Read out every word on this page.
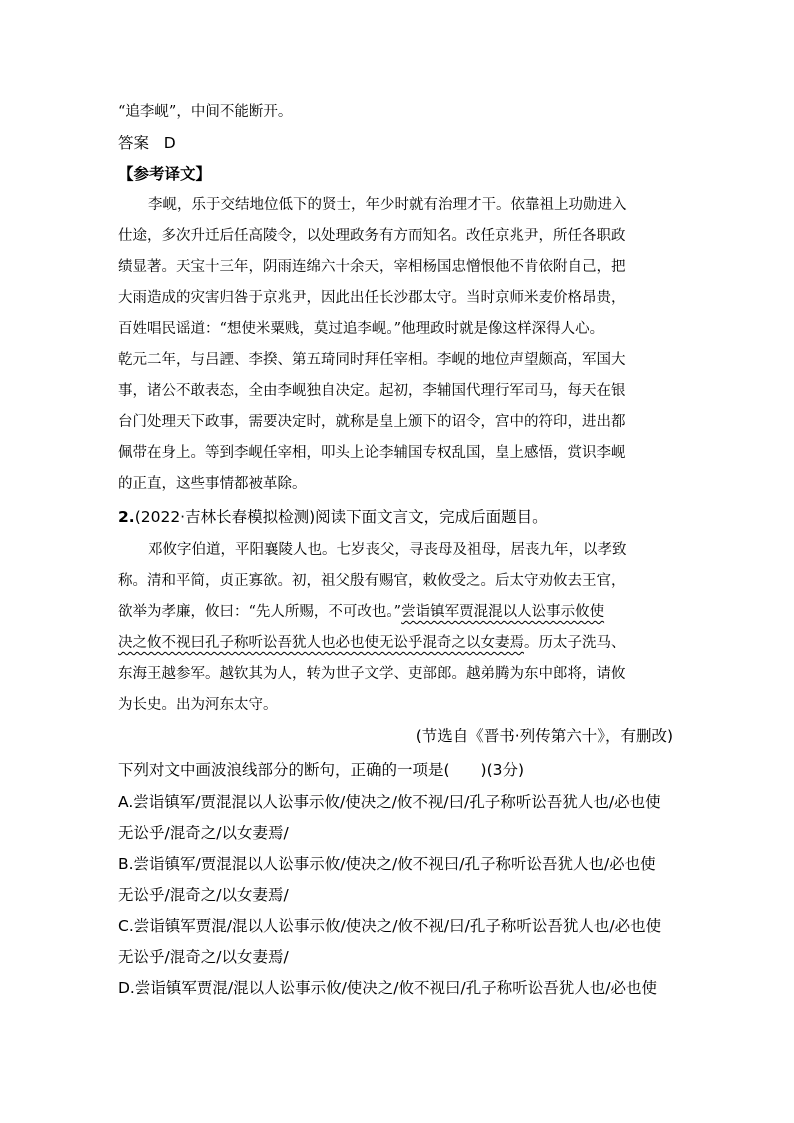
“追李岘”，中间不能断开。
答案 D
【参考译文】
李岘，乐于交结地位低下的贤士，年少时就有治理才干。依靠祖上功勋进入
仕途，多次升迁后任高陵令，以处理政务有方而知名。改任京兆尹，所任各职政
绩显著。天宝十三年，阴雨连绵六十余天，宰相杨国忠憎恨他不肯依附自己，把
大雨造成的灾害归咎于京兆尹，因此出任长沙郡太守。当时京师米麦价格昂贵，
百姓唱民谣道：“想使米粟贱，莫过追李岘。”他理政时就是像这样深得人心。
乾元二年，与吕諲、李揆、第五琦同时拜任宰相。李岘的地位声望颇高，军国大
事，诸公不敢表态，全由李岘独自决定。起初，李辅国代理行军司马，每天在银
台门处理天下政事，需要决定时，就称是皇上颁下的诏令，宫中的符印，进出都
佩带在身上。等到李岘任宰相，叩头上论李辅国专权乱国，皇上感悟，赏识李岘
的正直，这些事情都被革除。
2.(2022·吉林长春模拟检测)阅读下面文言文，完成后面题目。
邓攸字伯道，平阳襄陵人也。七岁丧父，寻丧母及祖母，居丧九年，以孝致
称。清和平简，贞正寡欲。初，祖父殷有赐官，敕攸受之。后太守劝攸去王官，
欲举为孝廉，攸曰：“先人所赐，不可改也。”尝诣镇军贾混混以人讼事示攸使
决之攸不视曰孔子称听讼吾犹人也必也使无讼乎混奇之以女妻焉。历太子洗马、
东海王越参军。越钦其为人，转为世子文学、吏部郎。越弟腾为东中郎将，请攸
为长史。出为河东太守。
(节选自《晋书·列传第六十》，有删改)
下列对文中画波浪线部分的断句，正确的一项是(　　)(3分)
A.尝诣镇军/贾混混以人讼事示攸/使决之/攸不视/曰/孔子称听讼吾犹人也/必也使
无讼乎/混奇之/以女妻焉/
B.尝诣镇军/贾混混以人讼事示攸/使决之/攸不视曰/孔子称听讼吾犹人也/必也使
无讼乎/混奇之/以女妻焉/
C.尝诣镇军贾混/混以人讼事示攸/使决之/攸不视/曰/孔子称听讼吾犹人也/必也使
无讼乎/混奇之/以女妻焉/
D.尝诣镇军贾混/混以人讼事示攸/使决之/攸不视曰/孔子称听讼吾犹人也/必也使
